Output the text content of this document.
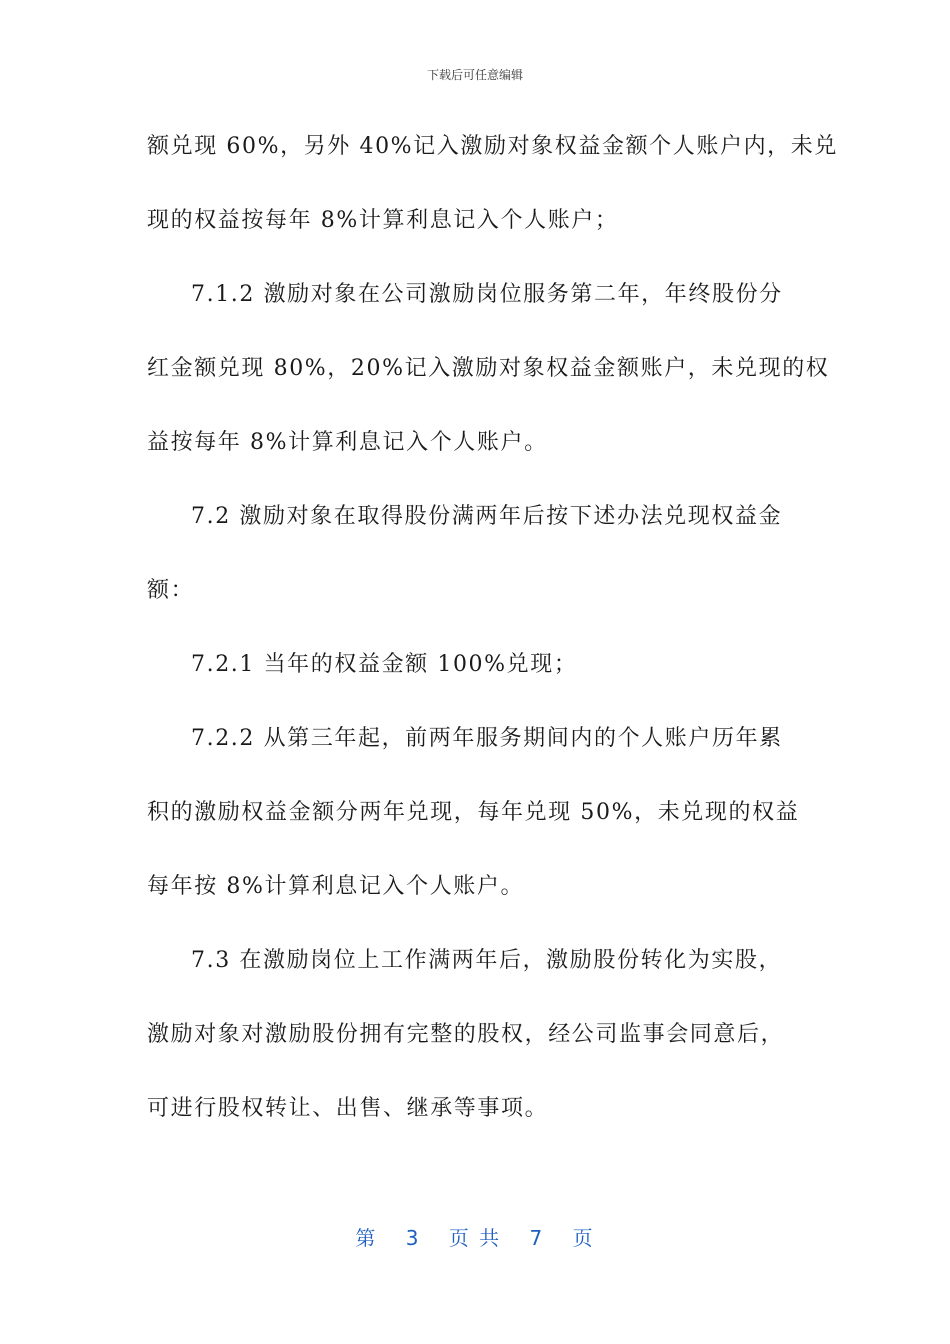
下载后可任意编辑
额兑现 60%，另外 40%记入激励对象权益金额个人账户内，未兑
现的权益按每年 8%计算利息记入个人账户；
7.1.2 激励对象在公司激励岗位服务第二年，年终股份分
红金额兑现 80%，20%记入激励对象权益金额账户，未兑现的权
益按每年 8%计算利息记入个人账户。
7.2 激励对象在取得股份满两年后按下述办法兑现权益金
额：
7.2.1 当年的权益金额 100%兑现；
7.2.2 从第三年起，前两年服务期间内的个人账户历年累
积的激励权益金额分两年兑现，每年兑现 50%，未兑现的权益
每年按 8%计算利息记入个人账户。
7.3 在激励岗位上工作满两年后，激励股份转化为实股，
激励对象对激励股份拥有完整的股权，经公司监事会同意后，
可进行股权转让、出售、继承等事项。
第 3 页 共 7 页
